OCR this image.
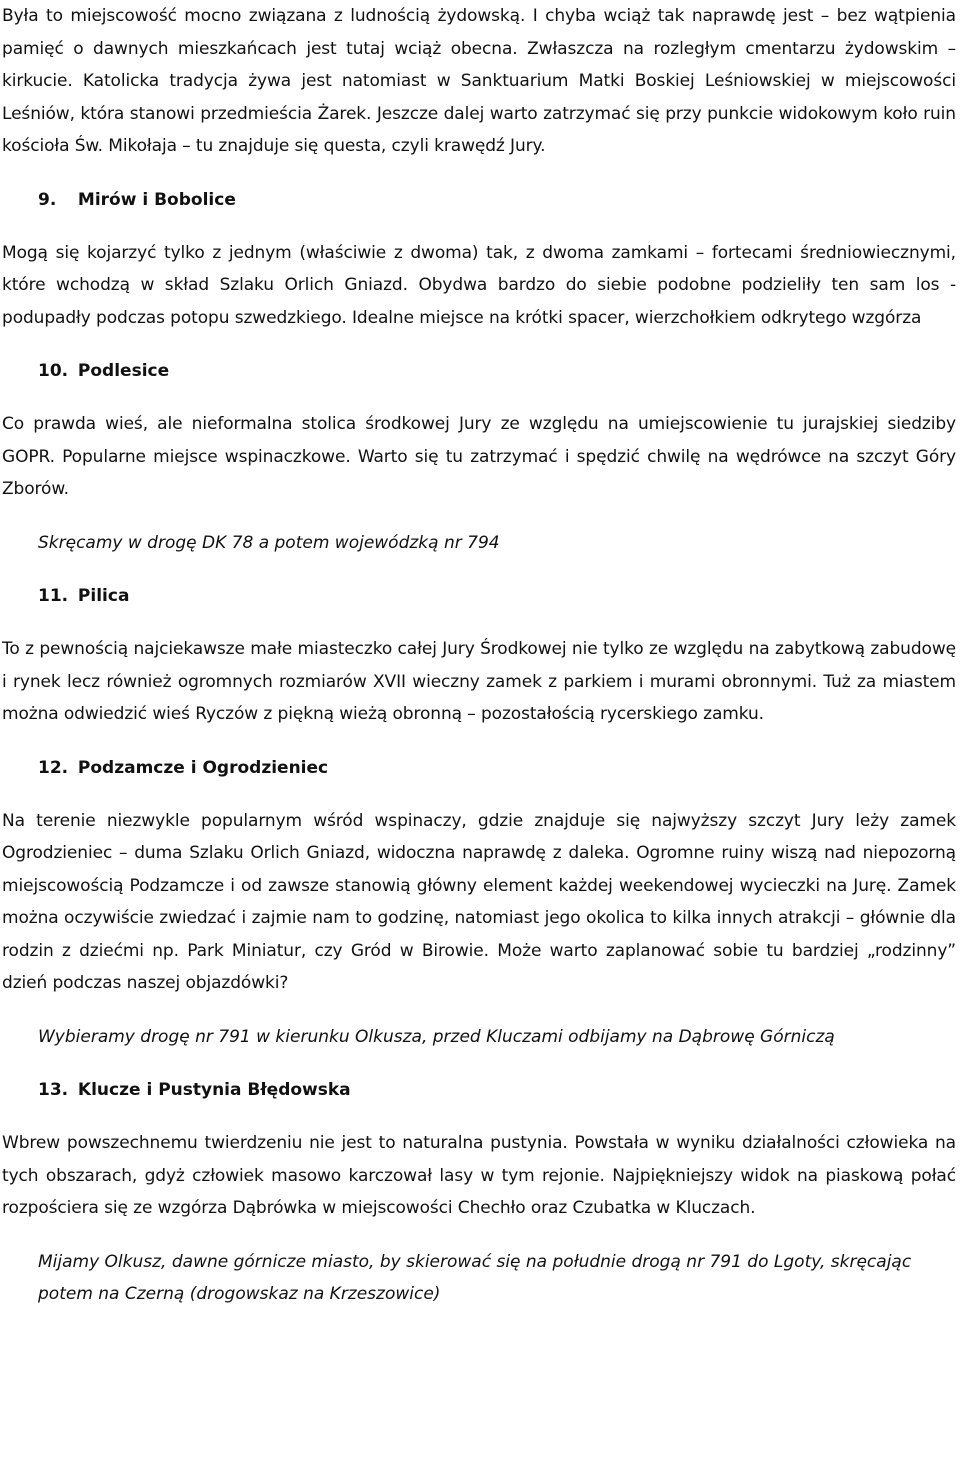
Była to miejscowość mocno związana z ludnością żydowską. I chyba wciąż tak naprawdę jest – bez wątpienia pamięć o dawnych mieszkańcach jest tutaj wciąż obecna. Zwłaszcza na rozległym cmentarzu żydowskim – kirkucie. Katolicka tradycja żywa jest natomiast w Sanktuarium Matki Boskiej Leśniowskiej w miejscowości Leśniów, która stanowi przedmieścia Żarek. Jeszcze dalej warto zatrzymać się przy punkcie widokowym koło ruin kościoła Św. Mikołaja – tu znajduje się questa, czyli krawędź Jury.

9. Mirów i Bobolice

Mogą się kojarzyć tylko z jednym (właściwie z dwoma) tak, z dwoma zamkami – fortecami średniowiecznymi, które wchodzą w skład Szlaku Orlich Gniazd. Obydwa bardzo do siebie podobne podzieliły ten sam los - podupadły podczas potopu szwedzkiego. Idealne miejsce na krótki spacer, wierzchołkiem odkrytego wzgórza

10. Podlesice

Co prawda wieś, ale nieformalna stolica środkowej Jury ze względu na umiejscowienie tu jurajskiej siedziby GOPR. Popularne miejsce wspinaczkowe. Warto się tu zatrzymać i spędzić chwilę na wędrówce na szczyt Góry Zborów.

Skręcamy w drogę DK 78 a potem wojewódzką nr 794

11. Pilica

To z pewnością najciekawsze małe miasteczko całej Jury Środkowej nie tylko ze względu na zabytkową zabudowę i rynek lecz również ogromnych rozmiarów XVII wieczny zamek z parkiem i murami obronnymi. Tuż za miastem można odwiedzić wieś Ryczów z piękną wieżą obronną – pozostałością rycerskiego zamku.

12. Podzamcze i Ogrodzieniec

Na terenie niezwykle popularnym wśród wspinaczy, gdzie znajduje się najwyższy szczyt Jury leży zamek Ogrodzieniec – duma Szlaku Orlich Gniazd, widoczna naprawdę z daleka. Ogromne ruiny wiszą nad niepozorną miejscowością Podzamcze i od zawsze stanowią główny element każdej weekendowej wycieczki na Jurę. Zamek można oczywiście zwiedzać i zajmie nam to godzinę, natomiast jego okolica to kilka innych atrakcji – głównie dla rodzin z dziećmi np. Park Miniatur, czy Gród w Birowie. Może warto zaplanować sobie tu bardziej „rodzinny” dzień podczas naszej objazdówki?

Wybieramy drogę nr 791 w kierunku Olkusza, przed Kluczami odbijamy na Dąbrowę Górniczą

13. Klucze i Pustynia Błędowska

Wbrew powszechnemu twierdzeniu nie jest to naturalna pustynia. Powstała w wyniku działalności człowieka na tych obszarach, gdyż człowiek masowo karczował lasy w tym rejonie. Najpiękniejszy widok na piaskową połać rozpościera się ze wzgórza Dąbrówka w miejscowości Chechło oraz Czubatka w Kluczach.

Mijamy Olkusz, dawne górnicze miasto, by skierować się na południe drogą nr 791 do Lgoty, skręcając potem na Czerną (drogowskaz na Krzeszowice)
